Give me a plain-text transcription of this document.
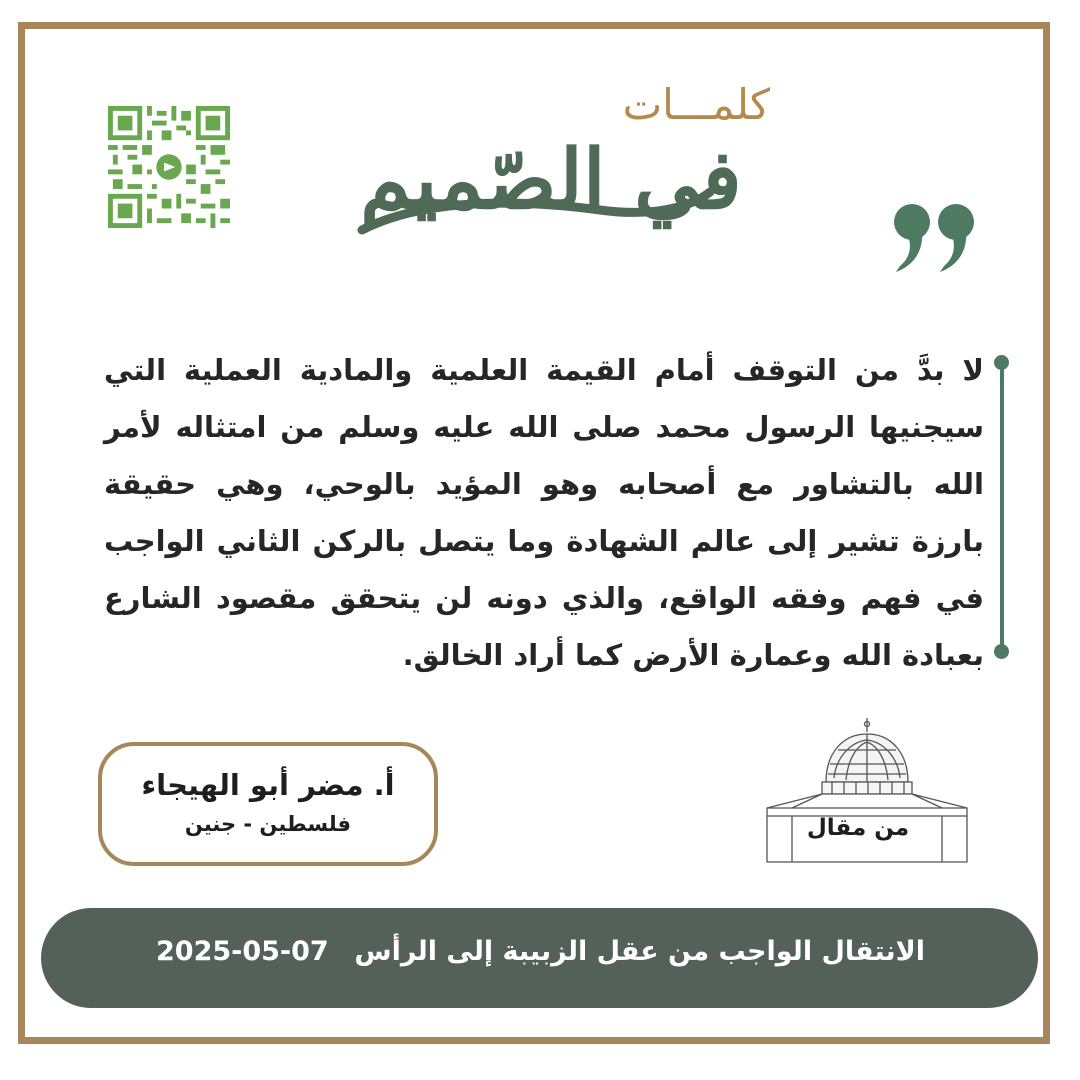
كلمـــات
في الصّميم
لا بدَّ من التوقف أمام القيمة العلمية والمادية العملية التي سيجنيها الرسول محمد صلى الله عليه وسلم من امتثاله لأمر الله بالتشاور مع أصحابه وهو المؤيد بالوحي، وهي حقيقة بارزة تشير إلى عالم الشهادة وما يتصل بالركن الثاني الواجب في فهم وفقه الواقع، والذي دونه لن يتحقق مقصود الشارع بعبادة الله وعمارة الأرض كما أراد الخالق.
أ. مضر أبو الهيجاء
فلسطين - جنين	من مقال
الانتقال الواجب من عقل الزبيبة إلى الرأس
2025-05-07
